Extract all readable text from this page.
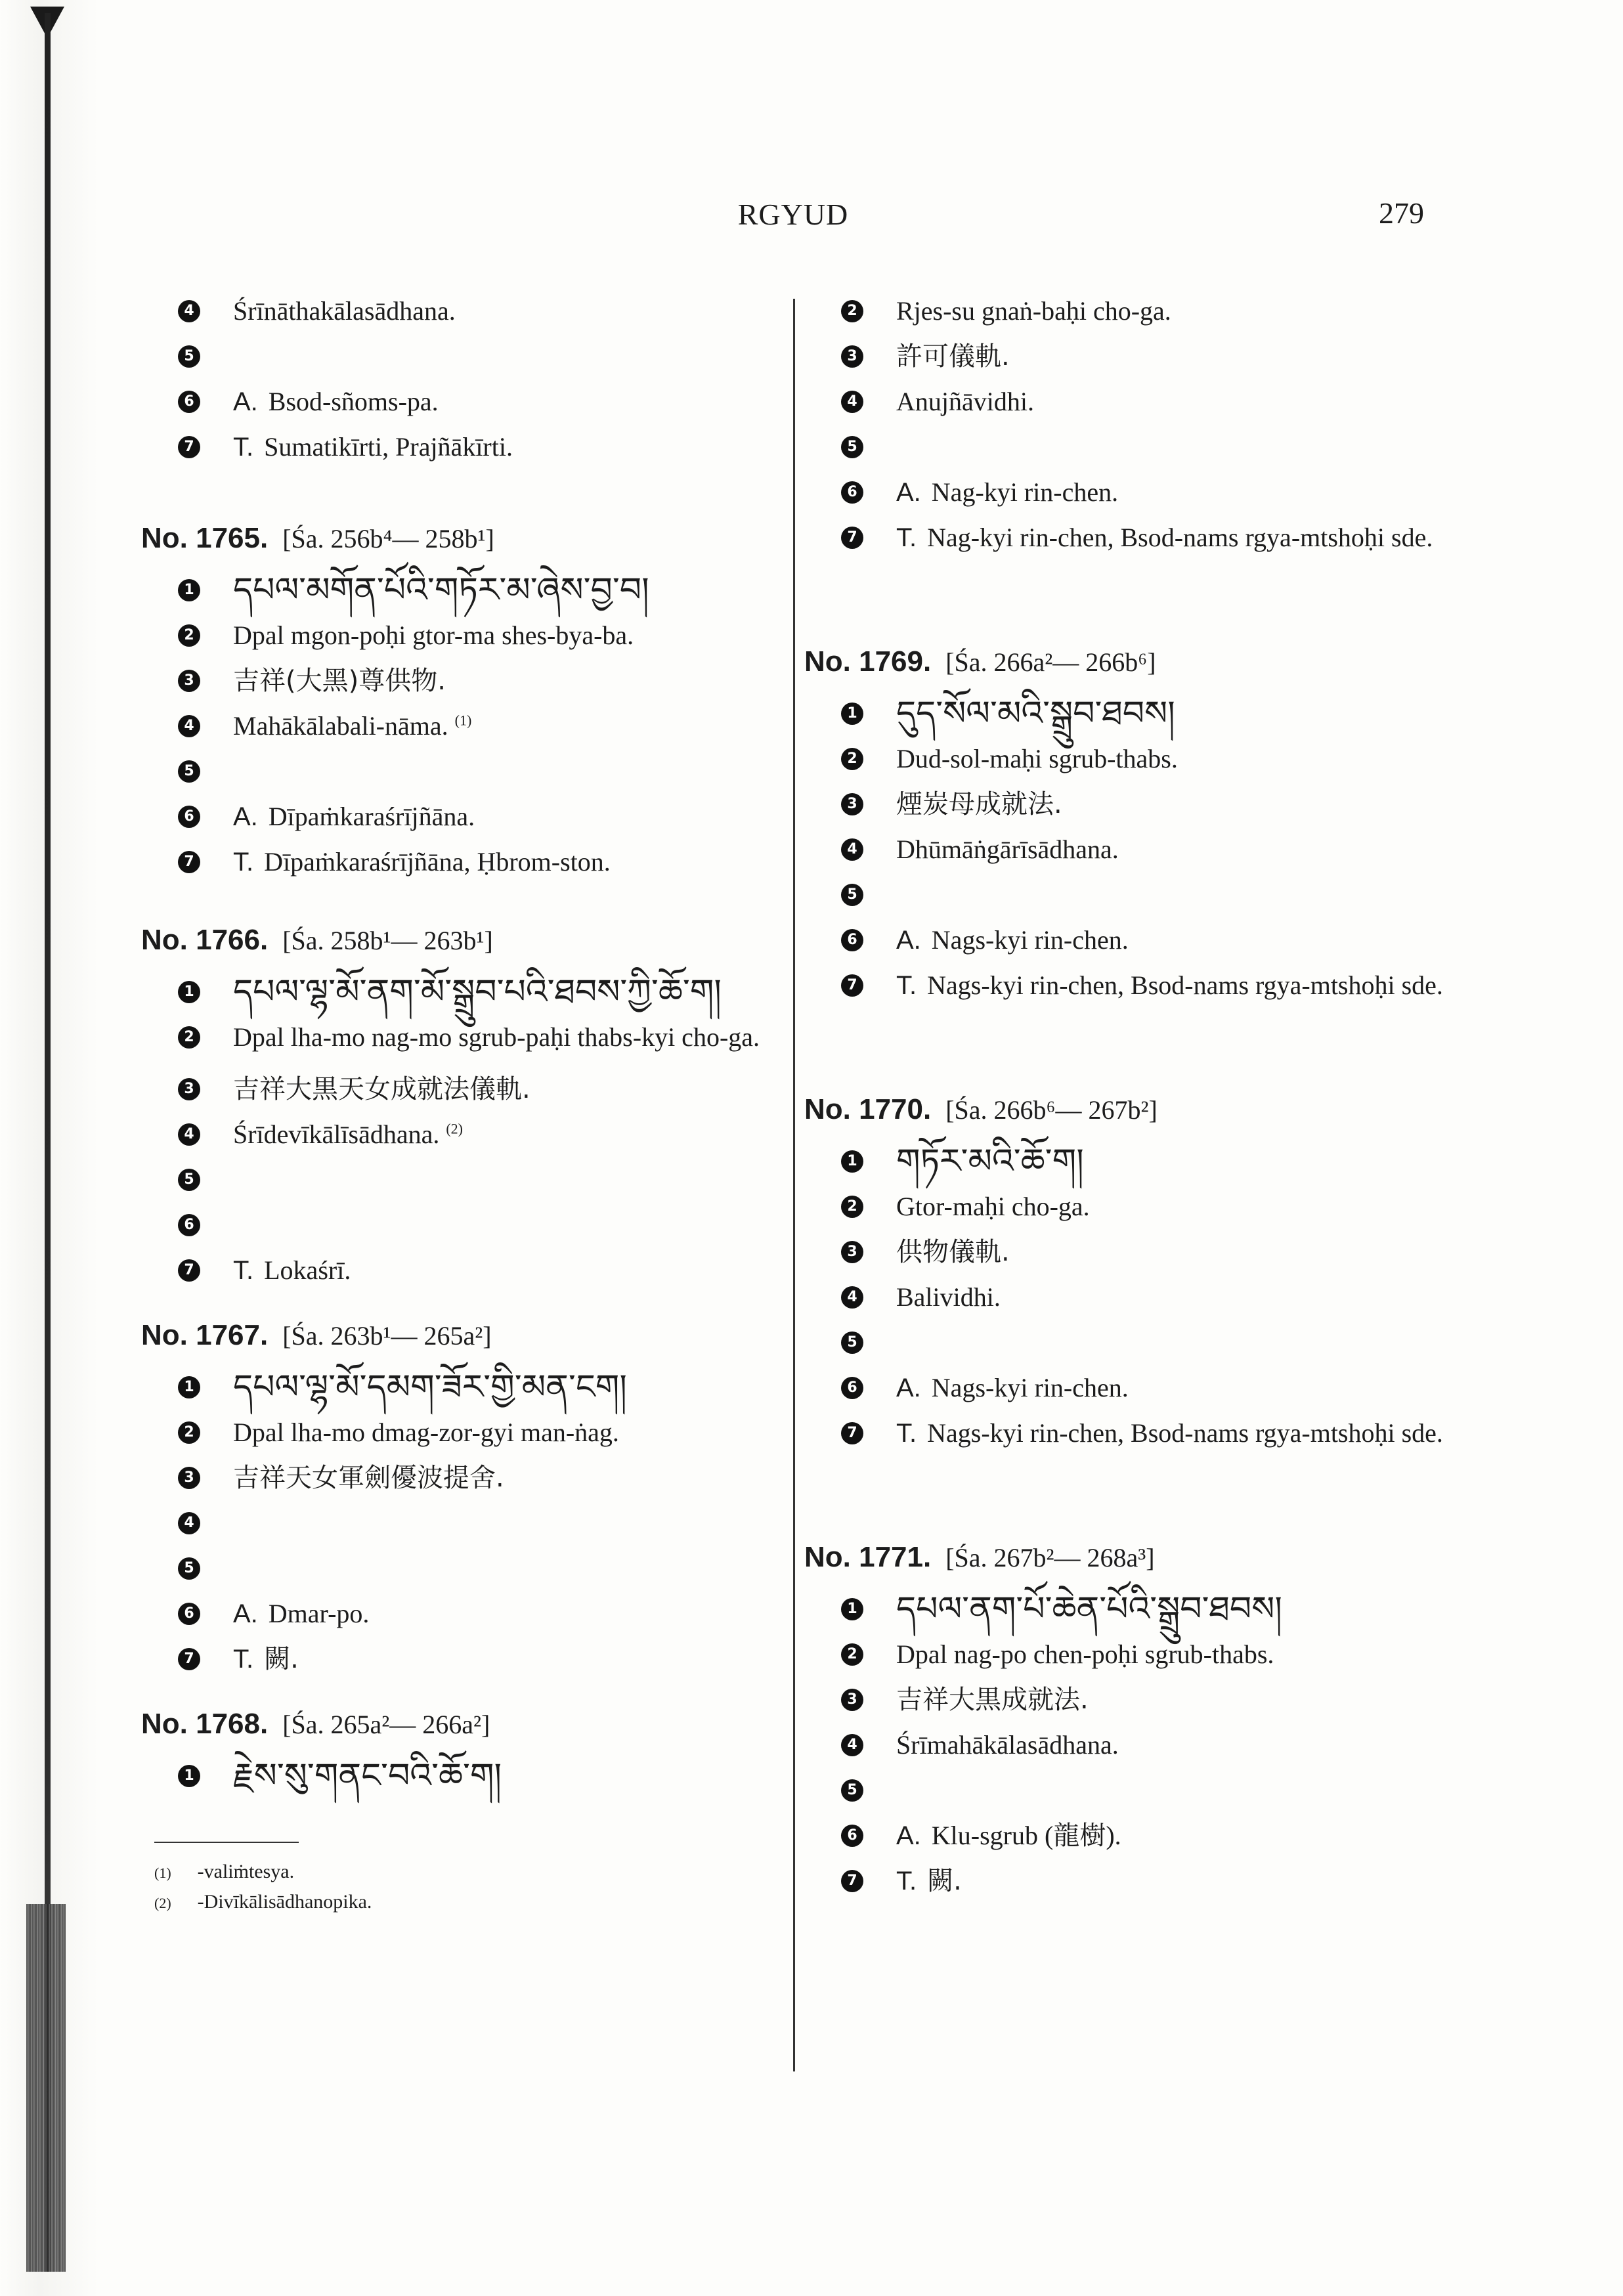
RGYUD	279
4 Śrīnāthakālasādhana.
5
6 A. Bsod-sñoms-pa.
7 T. Sumatikīrti, Prajñākīrti.
No. 1765. [Śa. 256b⁴— 258b¹]
1 དཔལ་མགོན་པོའི་གཏོར་མ་ཞེས་བྱ་བ།
2 Dpal mgon-poḥi gtor-ma shes-bya-ba.
3 吉祥(大黑)尊供物.
4 Mahākālabali-nāma. $^{(1)}$
5
6 A. Dīpaṁkaraśrījñāna.
7 T. Dīpaṁkaraśrījñāna, Ḥbrom-ston.
No. 1766. [Śa. 258b¹— 263b¹]
1 དཔལ་ལྷ་མོ་ནག་མོ་སྒྲུབ་པའི་ཐབས་ཀྱི་ཆོ་ག།
2 Dpal lha-mo nag-mo sgrub-paḥi thabs-kyi cho-ga.
3 吉祥大黒天女成就法儀軌.
4 Śrīdevīkālīsādhana. $^{(2)}$
5
6
7 T. Lokaśrī.
No. 1767. [Śa. 263b¹— 265a²]
1 དཔལ་ལྷ་མོ་དམག་ཟོར་གྱི་མན་ངག།
2 Dpal lha-mo dmag-zor-gyi man-ṅag.
3 吉祥天女軍劍優波提舍.
4
5
6 A. Dmar-po.
7 T. 闕.
No. 1768. [Śa. 265a²— 266a²]
1 རྗེས་སུ་གནང་བའི་ཆོ་ག།
(1) -valiṁtesya.
(2) -Divīkālisādhanopika.
2 Rjes-su gnaṅ-baḥi cho-ga.
3 許可儀軌.
4 Anujñāvidhi.
5
6 A. Nag-kyi rin-chen.
7 T. Nag-kyi rin-chen, Bsod-nams rgya-mtshoḥi sde.
No. 1769. [Śa. 266a²— 266b⁶]
1 དུད་སོལ་མའི་སྒྲུབ་ཐབས།
2 Dud-sol-maḥi sgrub-thabs.
3 煙炭母成就法.
4 Dhūmāṅgārīsādhana.
5
6 A. Nags-kyi rin-chen.
7 T. Nags-kyi rin-chen, Bsod-nams rgya-mtshoḥi sde.
No. 1770. [Śa. 266b⁶— 267b²]
1 གཏོར་མའི་ཆོ་ག།
2 Gtor-maḥi cho-ga.
3 供物儀軌.
4 Balividhi.
5
6 A. Nags-kyi rin-chen.
7 T. Nags-kyi rin-chen, Bsod-nams rgya-mtshoḥi sde.
No. 1771. [Śa. 267b²— 268a³]
1 དཔལ་ནག་པོ་ཆེན་པོའི་སྒྲུབ་ཐབས།
2 Dpal nag-po chen-poḥi sgrub-thabs.
3 吉祥大黒成就法.
4 Śrīmahākālasādhana.
5
6 A. Klu-sgrub (龍樹).
7 T. 闕.
